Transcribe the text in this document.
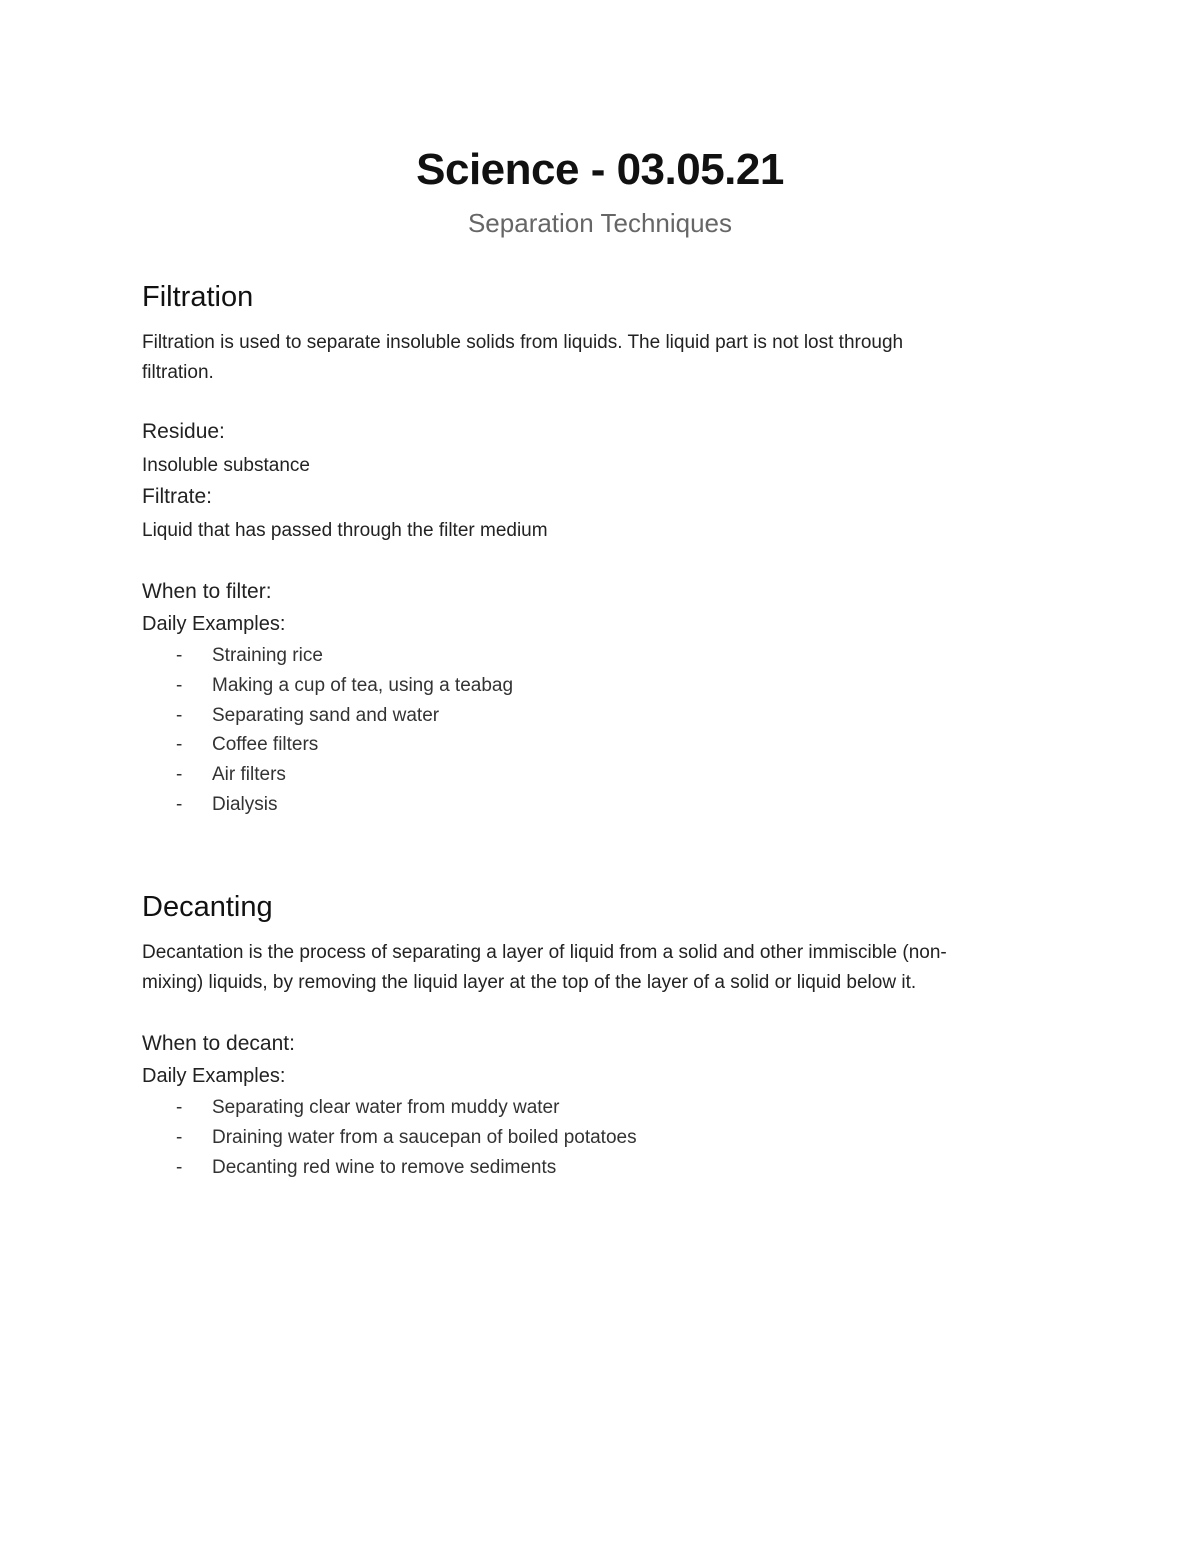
Science - 03.05.21
Separation Techniques
Filtration
Filtration is used to separate insoluble solids from liquids. The liquid part is not lost through
filtration.
Residue:
Insoluble substance
Filtrate:
Liquid that has passed through the filter medium
When to filter:
Daily Examples:
- Straining rice
- Making a cup of tea, using a teabag
- Separating sand and water
- Coffee filters
- Air filters
- Dialysis
Decanting
Decantation is the process of separating a layer of liquid from a solid and other immiscible (non-
mixing) liquids, by removing the liquid layer at the top of the layer of a solid or liquid below it.
When to decant:
Daily Examples:
- Separating clear water from muddy water
- Draining water from a saucepan of boiled potatoes
- Decanting red wine to remove sediments
